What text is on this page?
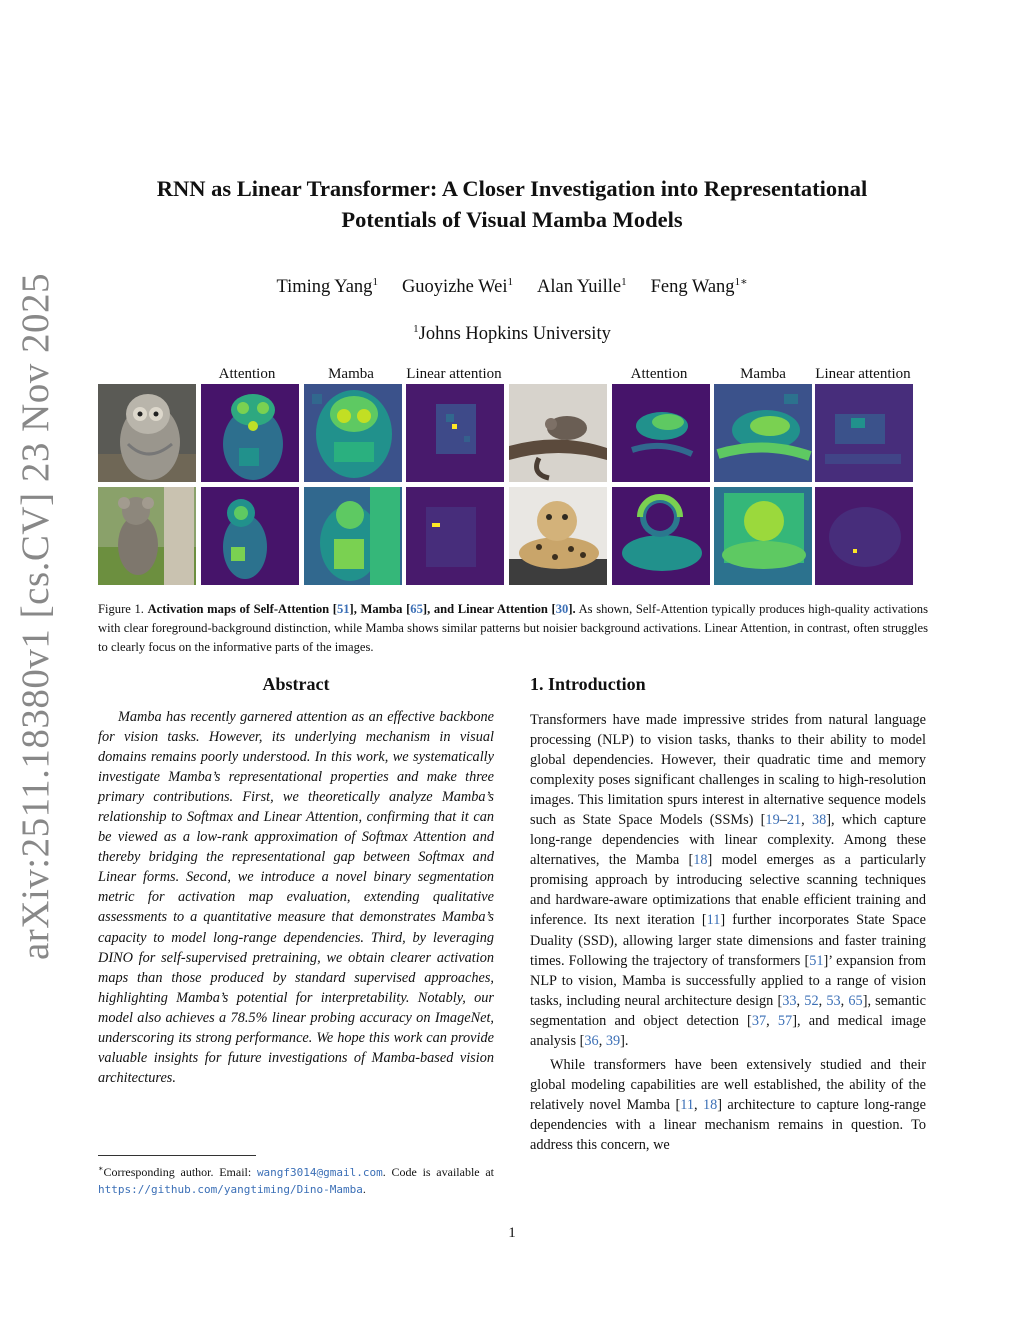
arXiv:2511.18380v1 [cs.CV] 23 Nov 2025
RNN as Linear Transformer: A Closer Investigation into Representational
Potentials of Visual Mamba Models
Timing Yang$^1$ Guoyizhe Wei$^1$ Alan Yuille$^1$ Feng Wang$^{1∗}$
$^1$Johns Hopkins University
Attention	Mamba	Linear attention	Attention	Mamba	Linear attention
Figure 1. Activation maps of Self-Attention [51], Mamba [65], and Linear Attention [30]. As shown, Self-Attention typically produces high-quality activations with clear foreground-background distinction, while Mamba shows similar patterns but noisier background activations. Linear Attention, in contrast, often struggles to clearly focus on the informative parts of the images.
Abstract
Mamba has recently garnered attention as an effective backbone for vision tasks. However, its underlying mechanism in visual domains remains poorly understood. In this work, we systematically investigate Mamba’s representational properties and make three primary contributions. First, we theoretically analyze Mamba’s relationship to Softmax and Linear Attention, confirming that it can be viewed as a low-rank approximation of Softmax Attention and thereby bridging the representational gap between Softmax and Linear forms. Second, we introduce a novel binary segmentation metric for activation map evaluation, extending qualitative assessments to a quantitative measure that demonstrates Mamba’s capacity to model long-range dependencies. Third, by leveraging DINO for self-supervised pretraining, we obtain clearer activation maps than those produced by standard supervised approaches, highlighting Mamba’s potential for interpretability. Notably, our model also achieves a 78.5% linear probing accuracy on ImageNet, underscoring its strong performance. We hope this work can provide valuable insights for future investigations of Mamba-based vision architectures.
∗Corresponding author. Email: wangf3014@gmail.com. Code is available at https://github.com/yangtiming/Dino-Mamba.
1. Introduction

Transformers have made impressive strides from natural language processing (NLP) to vision tasks, thanks to their ability to model global dependencies. However, their quadratic time and memory complexity poses significant challenges in scaling to high-resolution images. This limitation spurs interest in alternative sequence models such as State Space Models (SSMs) [19–21, 38], which capture long-range dependencies with linear complexity. Among these alternatives, the Mamba [18] model emerges as a particularly promising approach by introducing selective scanning techniques and hardware-aware optimizations that enable efficient training and inference. Its next iteration [11] further incorporates State Space Duality (SSD), allowing larger state dimensions and faster training times. Following the trajectory of transformers [51]’ expansion from NLP to vision, Mamba is successfully applied to a range of vision tasks, including neural architecture design [33, 52, 53, 65], semantic segmentation and object detection [37, 57], and medical image analysis [36, 39].

While transformers have been extensively studied and their global modeling capabilities are well established, the ability of the relatively novel Mamba [11, 18] architecture to capture long-range dependencies with a linear mechanism remains in question. To address this concern, we

1
